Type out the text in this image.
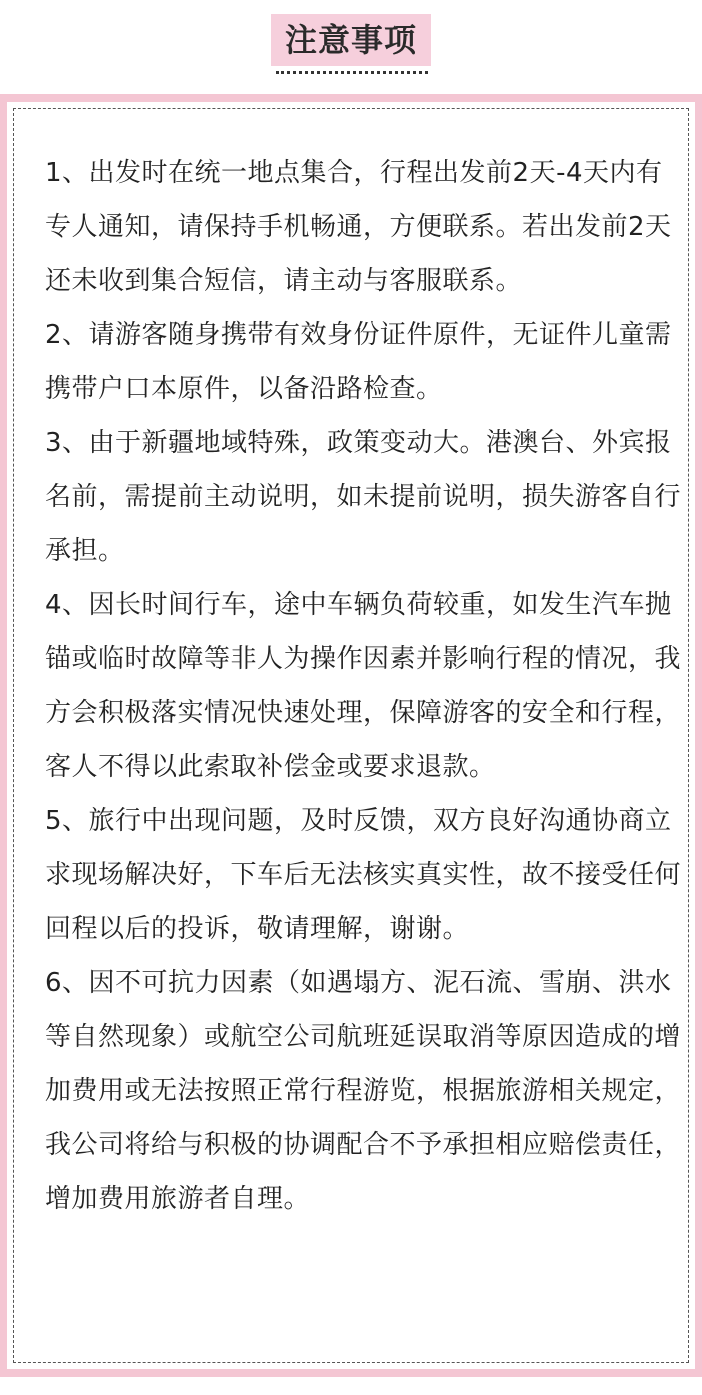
注意事项
1、出发时在统一地点集合，行程出发前2天-4天内有专人通知，请保持手机畅通，方便联系。若出发前2天还未收到集合短信，请主动与客服联系。
2、请游客随身携带有效身份证件原件，无证件儿童需携带户口本原件，以备沿路检查。
3、由于新疆地域特殊，政策变动大。港澳台、外宾报名前，需提前主动说明，如未提前说明，损失游客自行承担。
4、因长时间行车，途中车辆负荷较重，如发生汽车抛锚或临时故障等非人为操作因素并影响行程的情况，我方会积极落实情况快速处理，保障游客的安全和行程，客人不得以此索取补偿金或要求退款。
5、旅行中出现问题，及时反馈，双方良好沟通协商立求现场解决好，下车后无法核实真实性，故不接受任何回程以后的投诉，敬请理解，谢谢。
6、因不可抗力因素（如遇塌方、泥石流、雪崩、洪水等自然现象）或航空公司航班延误取消等原因造成的增加费用或无法按照正常行程游览，根据旅游相关规定，我公司将给与积极的协调配合不予承担相应赔偿责任，增加费用旅游者自理。
